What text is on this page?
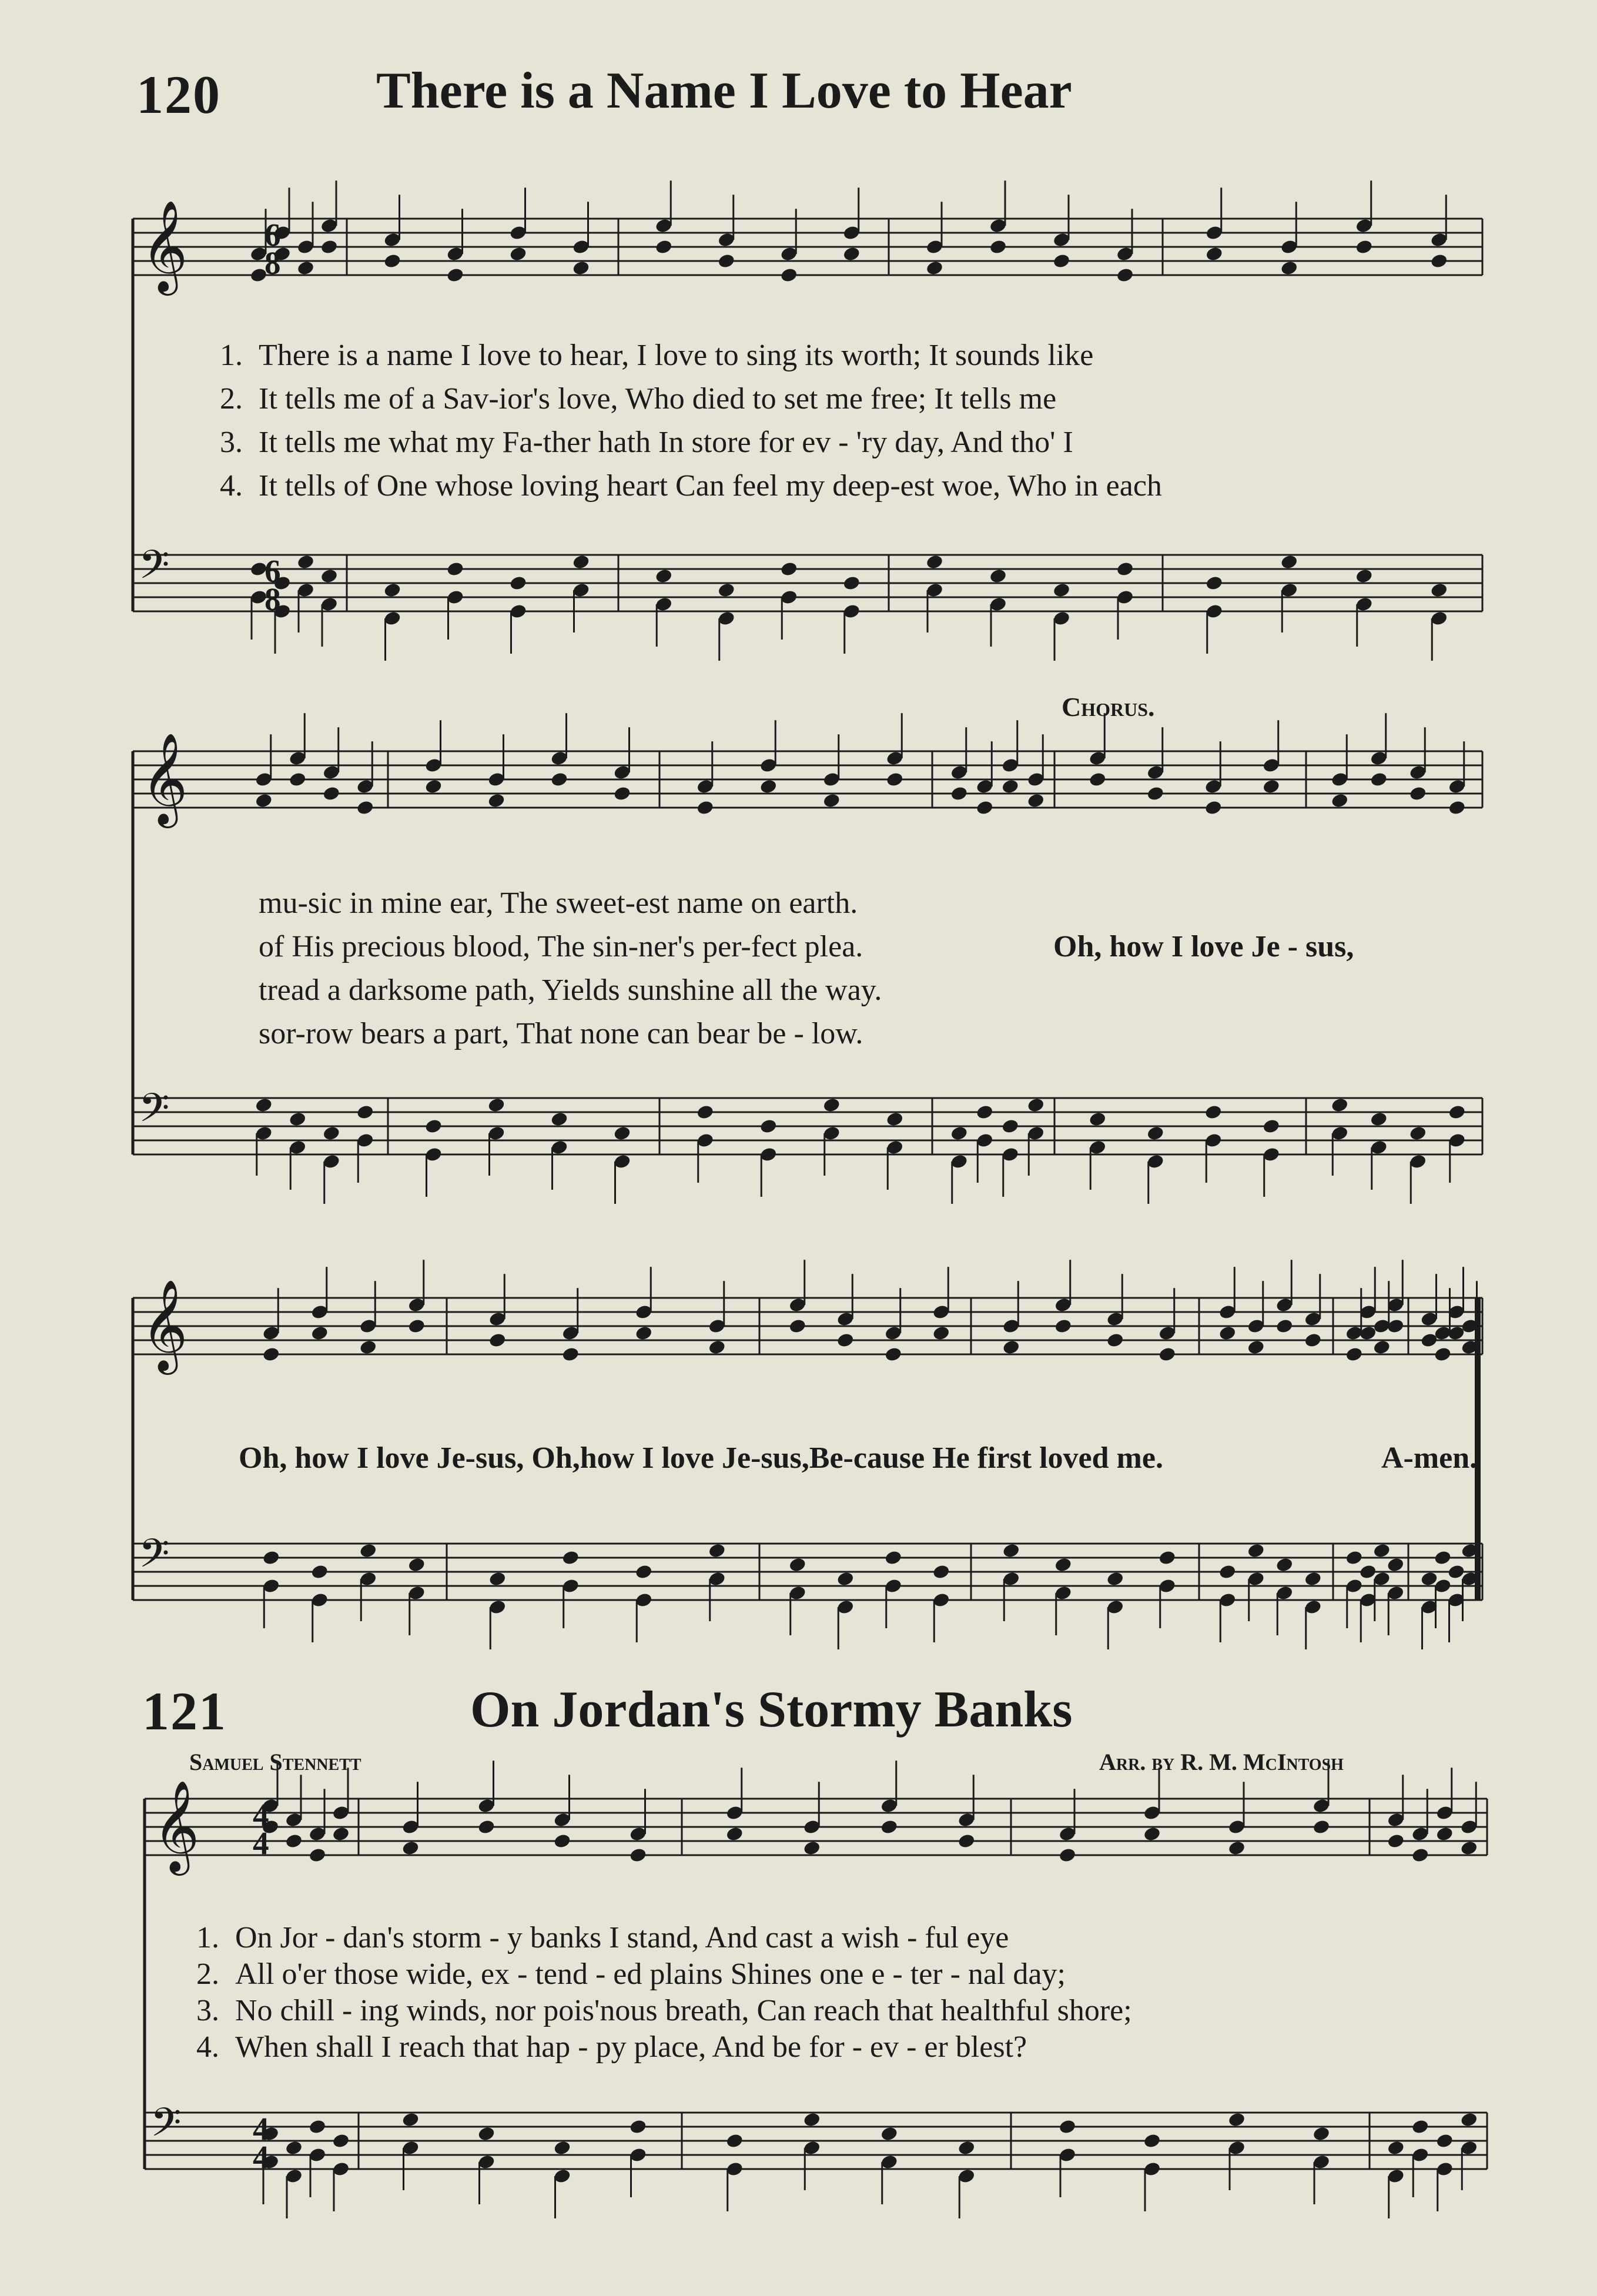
120	There is a Name I Love to Hear
1. There is a name I love to hear, I love to sing its worth; It sounds like
2. It tells me of a Sav-ior's love, Who died to set me free; It tells me
3. It tells me what my Fa-ther hath In store for ev - 'ry day, And tho' I
4. It tells of One whose loving heart Can feel my deep-est woe, Who in each
Chorus.
mu-sic in mine ear, The sweet-est name on earth.
of His precious blood, The sin-ner's per-fect plea.
tread a darksome path, Yields sunshine all the way.
sor-row bears a part, That none can bear be - low.
Oh, how I love Je - sus,
Oh, how I love Je-sus, Oh,how I love Je-sus,Be-cause He first loved me.	A-men.
121	On Jordan's Stormy Banks
Samuel Stennett	Arr. by R. M. McIntosh
1. On Jor - dan's storm - y banks I stand, And cast a wish - ful eye
2. All o'er those wide, ex - tend - ed plains Shines one e - ter - nal day;
3. No chill - ing winds, nor pois'nous breath, Can reach that healthful shore;
4. When shall I reach that hap - py place, And be for - ev - er blest?
𝄞
𝄢
𝄞
𝄢
𝄞
𝄢
𝄞
𝄢
6
8
6
8
4
4
4
4
